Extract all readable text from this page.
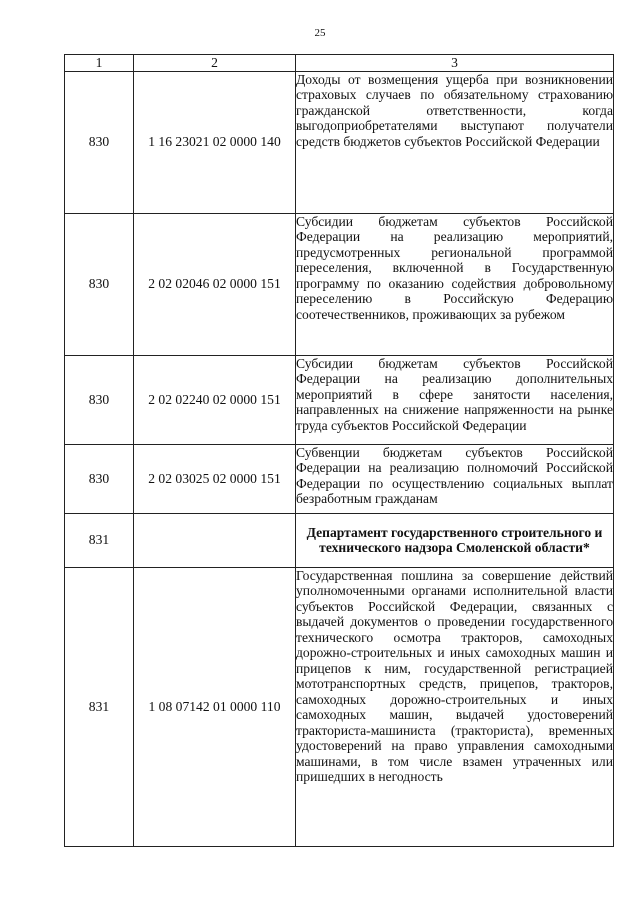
25
1	2	3
830	1 16 23021 02 0000 140	Доходы от возмещения ущерба при возникновении страховых случаев по обязательному страхованию гражданской ответственности, когда выгодоприобретателями выступают получатели средств бюджетов субъектов Российской Федерации
830	2 02 02046 02 0000 151	Субсидии бюджетам субъектов Российской Федерации на реализацию мероприятий, предусмотренных региональной программой переселения, включенной в Государственную программу по оказанию содействия добровольному переселению в Российскую Федерацию соотечественников, проживающих за рубежом
830	2 02 02240 02 0000 151	Субсидии бюджетам субъектов Российской Федерации на реализацию дополнительных мероприятий в сфере занятости населения, направленных на снижение напряженности на рынке труда субъектов Российской Федерации
830	2 02 03025 02 0000 151	Субвенции бюджетам субъектов Российской Федерации на реализацию полномочий Российской Федерации по осуществлению социальных выплат безработным гражданам
831		Департамент государственного строительного и технического надзора Смоленской области*
831	1 08 07142 01 0000 110	Государственная пошлина за совершение действий уполномоченными органами исполнительной власти субъектов Российской Федерации, связанных с выдачей документов о проведении государственного технического осмотра тракторов, самоходных дорожно-строительных и иных самоходных машин и прицепов к ним, государственной регистрацией мототранспортных средств, прицепов, тракторов, самоходных дорожно-строительных и иных самоходных машин, выдачей удостоверений тракториста-машиниста (тракториста), временных удостоверений на право управления самоходными машинами, в том числе взамен утраченных или пришедших в негодность
